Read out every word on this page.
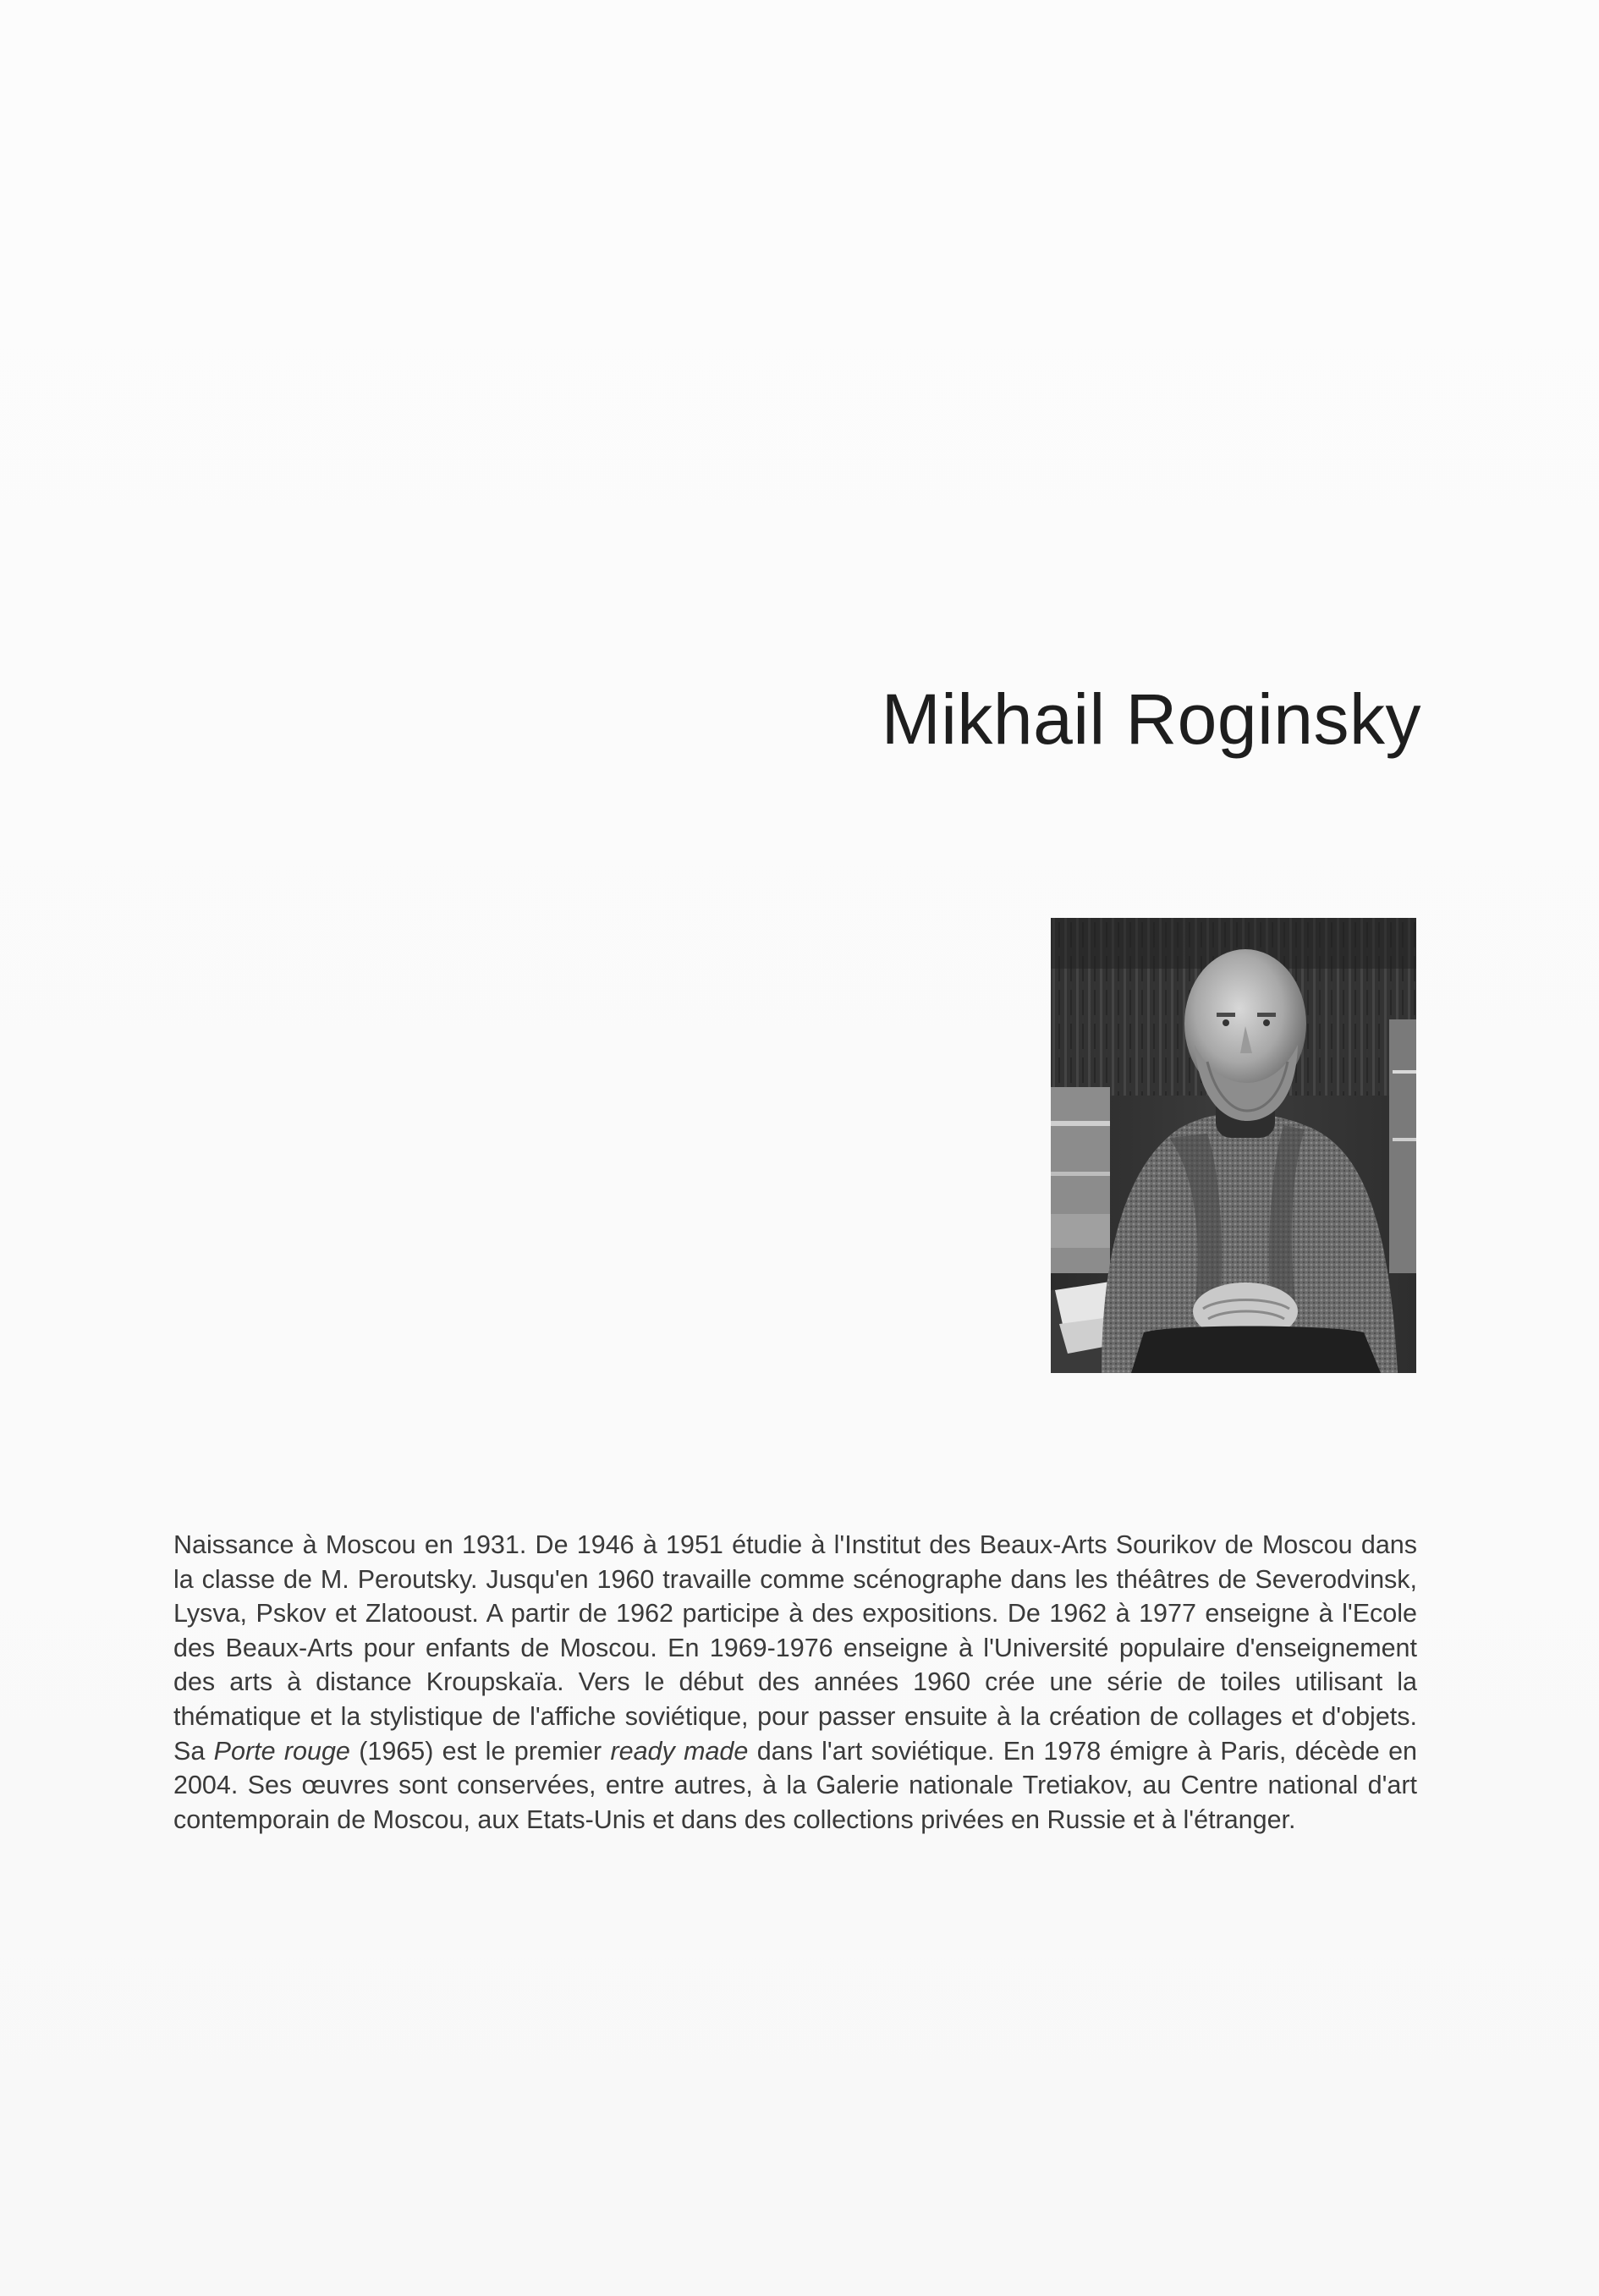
Mikhail Roginsky

Naissance à Moscou en 1931. De 1946 à 1951 étudie à l'Institut des Beaux-Arts Sourikov de Moscou dans la classe de M. Peroutsky. Jusqu'en 1960 travaille comme scénographe dans les théâtres de Severodvinsk, Lysva, Pskov et Zlatooust. A partir de 1962 participe à des expositions. De 1962 à 1977 enseigne à l'Ecole des Beaux-Arts pour enfants de Moscou. En 1969-1976 enseigne à l'Université populaire d'enseignement des arts à distance Kroupskaïa. Vers le début des années 1960 crée une série de toiles utilisant la thématique et la stylistique de l'affiche soviétique, pour passer ensuite à la création de collages et d'objets. Sa Porte rouge (1965) est le premier ready made dans l'art soviétique. En 1978 émigre à Paris, décède en 2004. Ses œuvres sont conservées, entre autres, à la Galerie nationale Tretiakov, au Centre national d'art contemporain de Moscou, aux Etats-Unis et dans des collections privées en Russie et à l'étranger.
